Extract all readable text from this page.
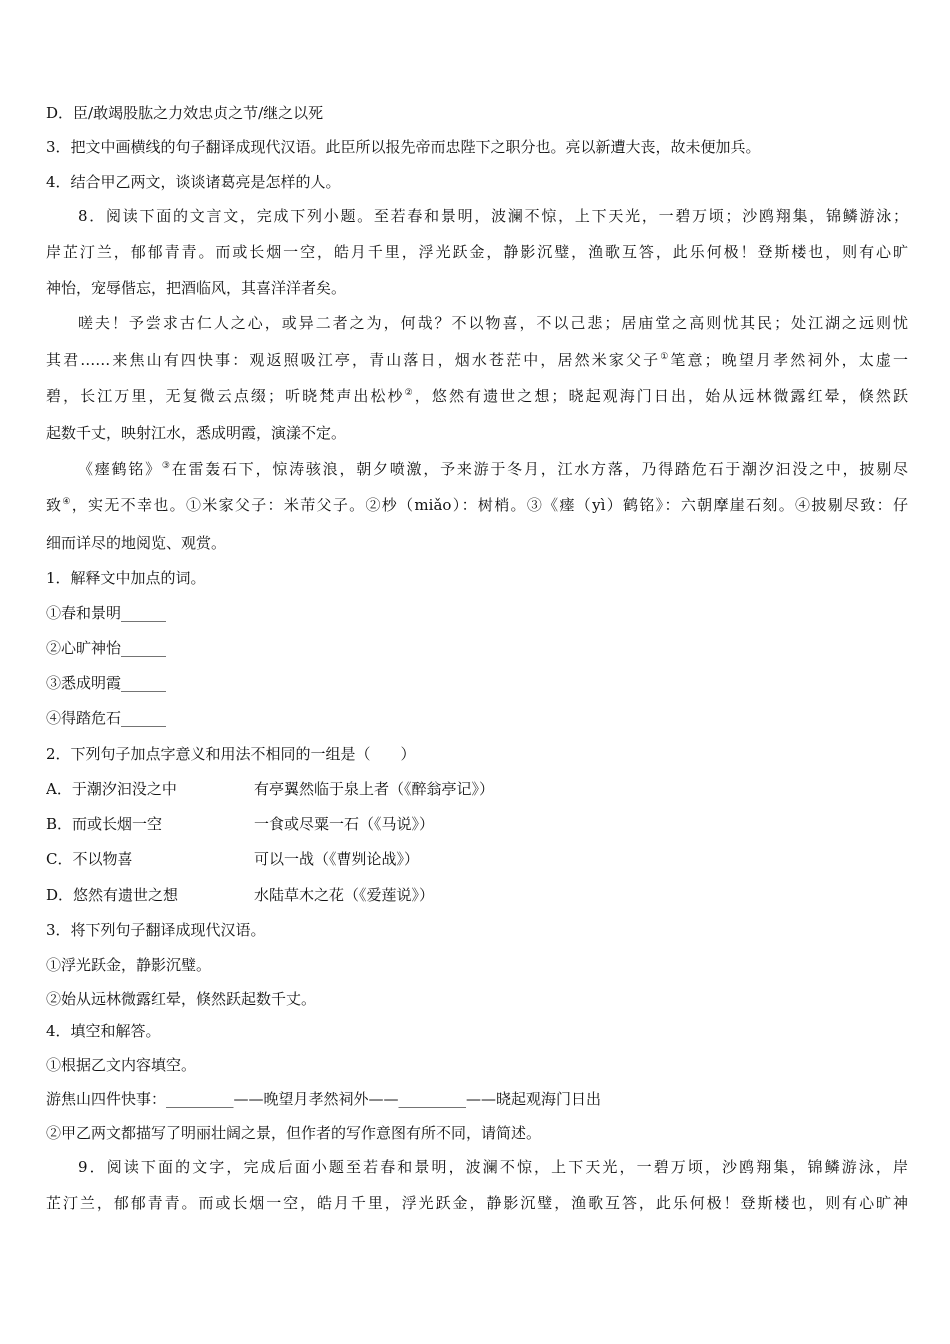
D．臣/敢竭股肱之力效忠贞之节/继之以死
3．把文中画横线的句子翻译成现代汉语。此臣所以报先帝而忠陛下之职分也。亮以新遭大丧，故未便加兵。
4．结合甲乙两文，谈谈诸葛亮是怎样的人。
8．阅读下面的文言文，完成下列小题。至若春和景明，波澜不惊，上下天光，一碧万顷；沙鸥翔集，锦鳞游泳；
岸芷汀兰，郁郁青青。而或长烟一空，皓月千里，浮光跃金，静影沉璧，渔歌互答，此乐何极！登斯楼也，则有心旷
神怡，宠辱偕忘，把酒临风，其喜洋洋者矣。
嗟夫！予尝求古仁人之心，或异二者之为，何哉？不以物喜，不以己悲；居庙堂之高则忧其民；处江湖之远则忧
其君……来焦山有四快事：观返照吸江亭，青山落日，烟水苍茫中，居然米家父子①笔意；晚望月孝然祠外，太虚一
碧，长江万里，无复微云点缀；听晓梵声出松杪②，悠然有遗世之想；晓起观海门日出，始从远林微露红晕，倏然跃
起数千丈，映射江水，悉成明霞，演漾不定。
《瘗鹤铭》③在雷轰石下，惊涛骇浪，朝夕喷激，予来游于冬月，江水方落，乃得踏危石于潮汐汩没之中，披剔尽
致④，实无不幸也。①米家父子：米芾父子。②杪（miǎo）：树梢。③《瘗（yì）鹤铭》：六朝摩崖石刻。④披剔尽致：仔
细而详尽的地阅览、观赏。
1．解释文中加点的词。
①春和景明______
②心旷神怡______
③悉成明霞______
④得踏危石______
2．下列句子加点字意义和用法不相同的一组是（　　）
A．于潮汐汩没之中	有亭翼然临于泉上者（《醉翁亭记》）
B．而或长烟一空	一食或尽粟一石（《马说》）
C．不以物喜	可以一战（《曹刿论战》）
D．悠然有遗世之想	水陆草木之花（《爱莲说》）
3．将下列句子翻译成现代汉语。
①浮光跃金，静影沉璧。
②始从远林微露红晕，倏然跃起数千丈。
4．填空和解答。
①根据乙文内容填空。
游焦山四件快事：_________——晚望月孝然祠外——_________——晓起观海门日出
②甲乙两文都描写了明丽壮阔之景，但作者的写作意图有所不同，请简述。
9．阅读下面的文字，完成后面小题至若春和景明，波澜不惊，上下天光，一碧万顷，沙鸥翔集，锦鳞游泳，岸
芷汀兰，郁郁青青。而或长烟一空，皓月千里，浮光跃金，静影沉璧，渔歌互答，此乐何极！登斯楼也，则有心旷神
